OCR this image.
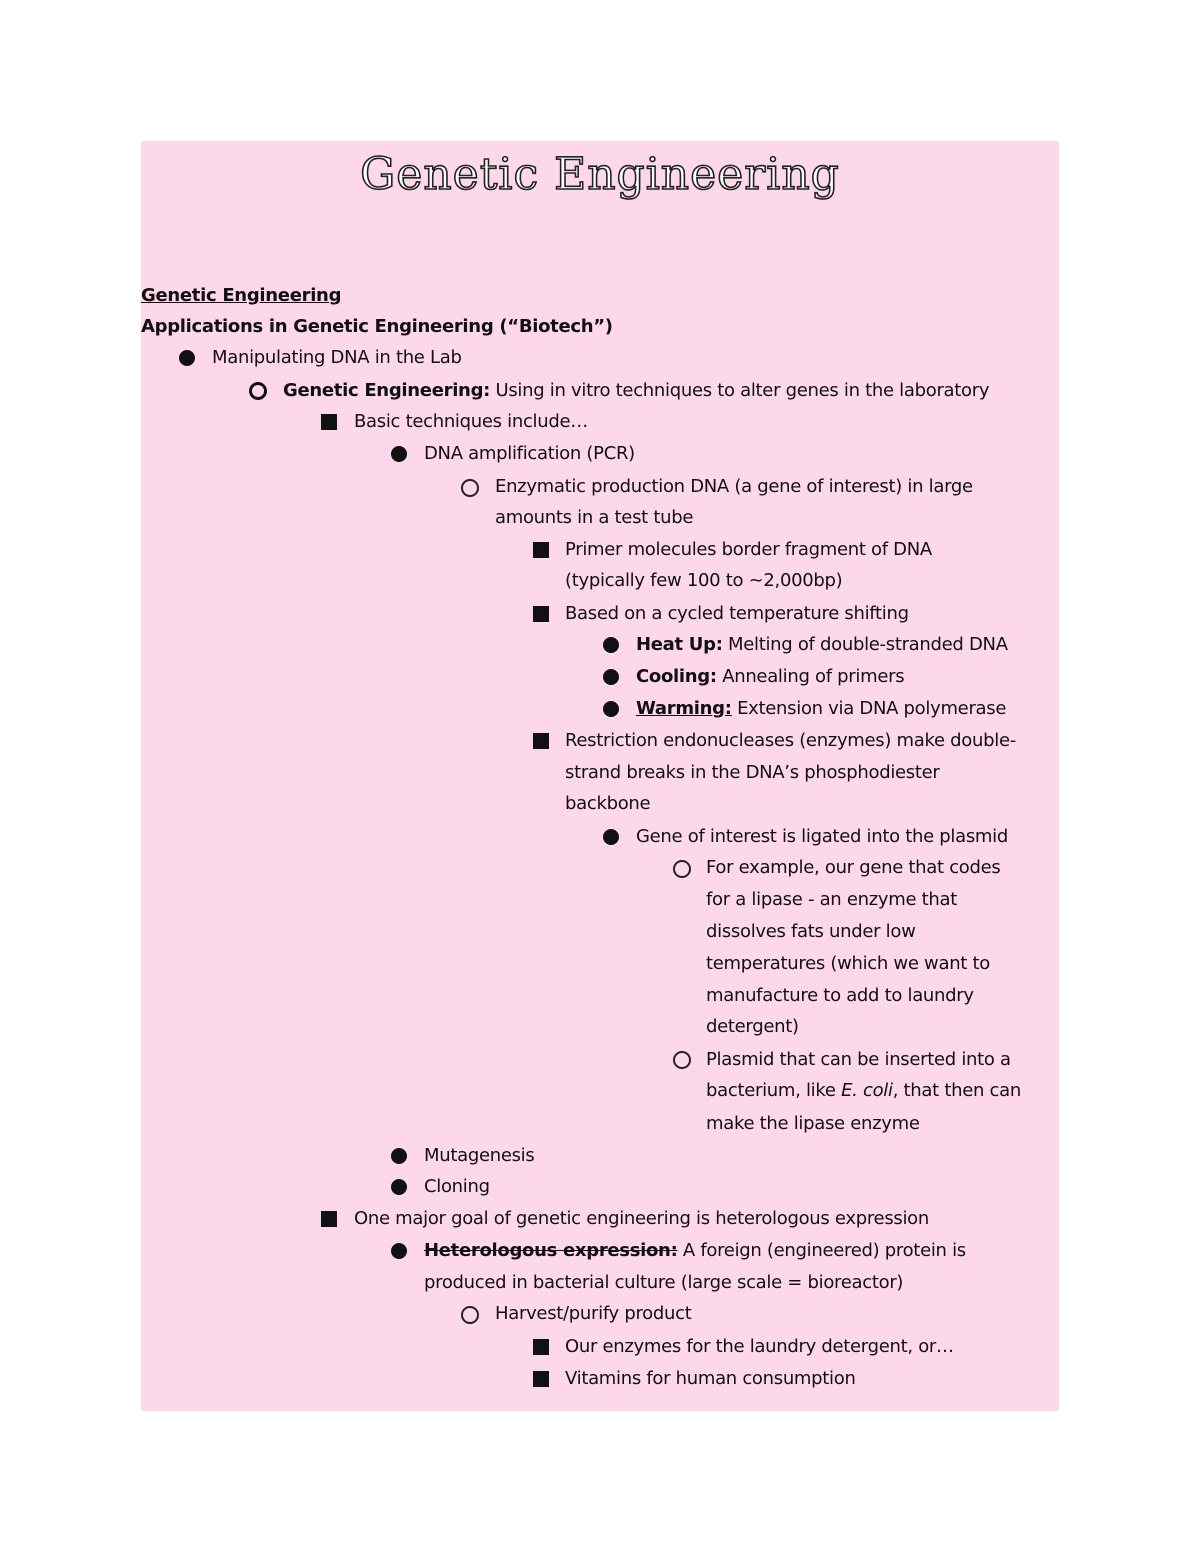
Genetic Engineering
Genetic Engineering
Applications in Genetic Engineering (“Biotech”)
Manipulating DNA in the Lab
Genetic Engineering: Using in vitro techniques to alter genes in the laboratory
Basic techniques include…
DNA amplification (PCR)
Enzymatic production DNA (a gene of interest) in large
amounts in a test tube
Primer molecules border fragment of DNA
(typically few 100 to ~2,000bp)
Based on a cycled temperature shifting
Heat Up: Melting of double-stranded DNA
Cooling: Annealing of primers
Warming: Extension via DNA polymerase
Restriction endonucleases (enzymes) make double-
strand breaks in the DNA’s phosphodiester
backbone
Gene of interest is ligated into the plasmid
For example, our gene that codes
for a lipase - an enzyme that
dissolves fats under low
temperatures (which we want to
manufacture to add to laundry
detergent)
Plasmid that can be inserted into a
bacterium, like E. coli, that then can
make the lipase enzyme
Mutagenesis
Cloning
One major goal of genetic engineering is heterologous expression
Heterologous expression: A foreign (engineered) protein is
produced in bacterial culture (large scale = bioreactor)
Harvest/purify product
Our enzymes for the laundry detergent, or…
Vitamins for human consumption
